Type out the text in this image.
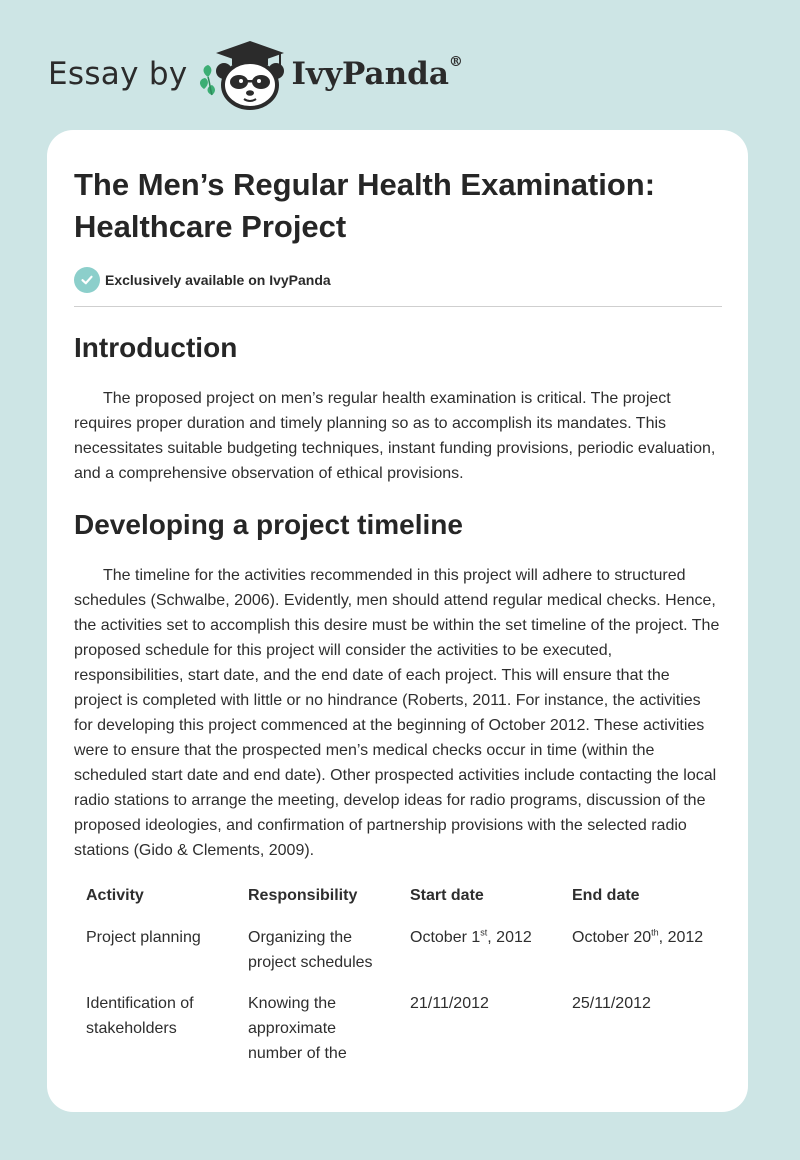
Essay by	IvyPanda®
The Men’s Regular Health Examination: Healthcare Project
Exclusively available on IvyPanda
Introduction

The proposed project on men’s regular health examination is critical. The project requires proper duration and timely planning so as to accomplish its mandates. This necessitates suitable budgeting techniques, instant funding provisions, periodic evaluation, and a comprehensive observation of ethical provisions.

Developing a project timeline

The timeline for the activities recommended in this project will adhere to structured schedules (Schwalbe, 2006). Evidently, men should attend regular medical checks. Hence, the activities set to accomplish this desire must be within the set timeline of the project. The proposed schedule for this project will consider the activities to be executed, responsibilities, start date, and the end date of each project. This will ensure that the project is completed with little or no hindrance (Roberts, 2011. For instance, the activities for developing this project commenced at the beginning of October 2012. These activities were to ensure that the prospected men’s medical checks occur in time (within the scheduled start date and end date). Other prospected activities include contacting the local radio stations to arrange the meeting, develop ideas for radio programs, discussion of the proposed ideologies, and confirmation of partnership provisions with the selected radio stations (Gido & Clements, 2009).

Activity	Responsibility	Start date	End date
Project planning	Organizing the project schedules	October 1st, 2012	October 20th, 2012
Identification of stakeholders	Knowing the approximate number of the	21/11/2012	25/11/2012
